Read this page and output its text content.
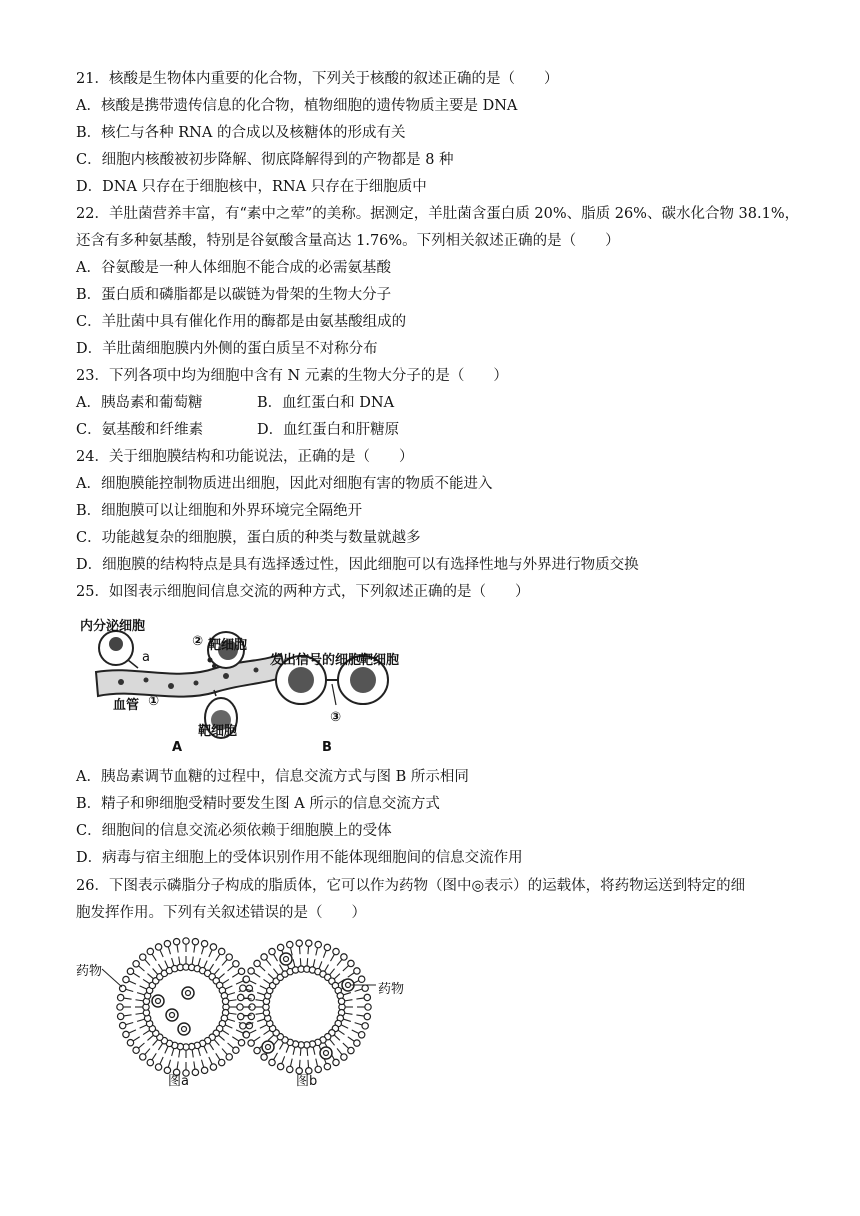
21．核酸是生物体内重要的化合物，下列关于核酸的叙述正确的是（　　）
A．核酸是携带遗传信息的化合物，植物细胞的遗传物质主要是 DNA
B．核仁与各种 RNA 的合成以及核糖体的形成有关
C．细胞内核酸被初步降解、彻底降解得到的产物都是 8 种
D．DNA 只存在于细胞核中，RNA 只存在于细胞质中
22．羊肚菌营养丰富，有“素中之荤”的美称。据测定，羊肚菌含蛋白质 20%、脂质 26%、碳水化合物 38.1%，
还含有多种氨基酸，特别是谷氨酸含量高达 1.76%。下列相关叙述正确的是（　　）
A．谷氨酸是一种人体细胞不能合成的必需氨基酸
B．蛋白质和磷脂都是以碳链为骨架的生物大分子
C．羊肚菌中具有催化作用的酶都是由氨基酸组成的
D．羊肚菌细胞膜内外侧的蛋白质呈不对称分布
23．下列各项中均为细胞中含有 N 元素的生物大分子的是（　　）
A．胰岛素和葡萄糖	B．血红蛋白和 DNA
C．氨基酸和纤维素	D．血红蛋白和肝糖原
24．关于细胞膜结构和功能说法，正确的是（　　）
A．细胞膜能控制物质进出细胞，因此对细胞有害的物质不能进入
B．细胞膜可以让细胞和外界环境完全隔绝开
C．功能越复杂的细胞膜，蛋白质的种类与数量就越多
D．细胞膜的结构特点是具有选择透过性，因此细胞可以有选择性地与外界进行物质交换
25．如图表示细胞间信息交流的两种方式，下列叙述正确的是（　　）
内分泌细胞
② 靶细胞
a	发出信号的细胞
靶细胞
血管 ①
靶细胞
③
A	B
A．胰岛素调节血糖的过程中，信息交流方式与图 B 所示相同
B．精子和卵细胞受精时要发生图 A 所示的信息交流方式
C．细胞间的信息交流必须依赖于细胞膜上的受体
D．病毒与宿主细胞上的受体识别作用不能体现细胞间的信息交流作用
26．下图表示磷脂分子构成的脂质体，它可以作为药物（图中◎表示）的运载体，将药物运送到特定的细
胞发挥作用。下列有关叙述错误的是（　　）
药物
药物
图a	图b
